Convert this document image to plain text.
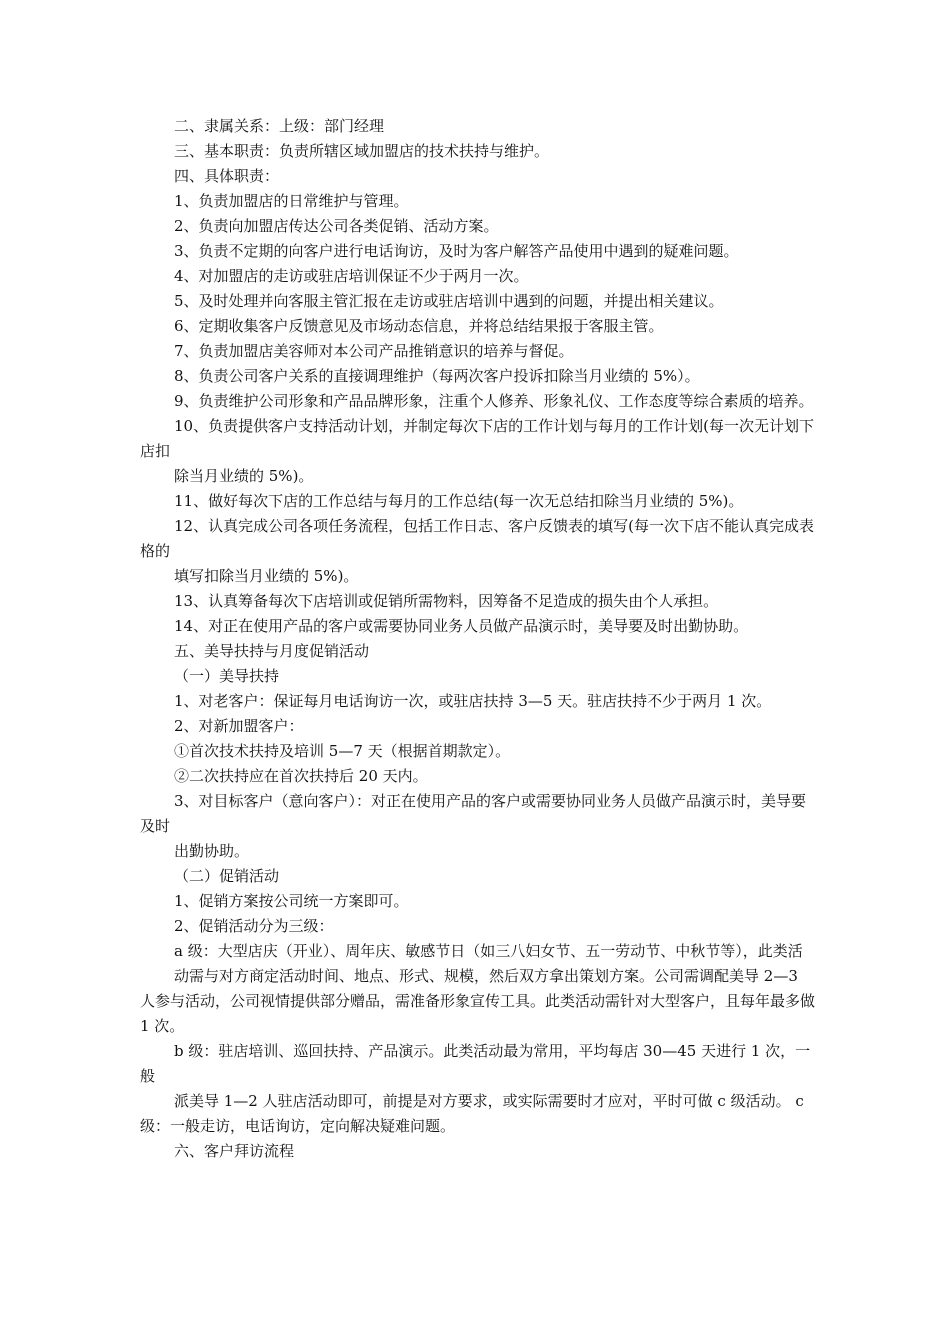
二、隶属关系：上级：部门经理

三、基本职责：负责所辖区域加盟店的技术扶持与维护。

四、具体职责：

1、负责加盟店的日常维护与管理。

2、负责向加盟店传达公司各类促销、活动方案。

3、负责不定期的向客户进行电话询访，及时为客户解答产品使用中遇到的疑难问题。

4、对加盟店的走访或驻店培训保证不少于两月一次。

5、及时处理并向客服主管汇报在走访或驻店培训中遇到的问题，并提出相关建议。

6、定期收集客户反馈意见及市场动态信息，并将总结结果报于客服主管。

7、负责加盟店美容师对本公司产品推销意识的培养与督促。

8、负责公司客户关系的直接调理维护（每两次客户投诉扣除当月业绩的 5%）。

9、负责维护公司形象和产品品牌形象，注重个人修养、形象礼仪、工作态度等综合素质的培养。

10、负责提供客户支持活动计划，并制定每次下店的工作计划与每月的工作计划(每一次无计划下店扣

除当月业绩的 5%)。

11、做好每次下店的工作总结与每月的工作总结(每一次无总结扣除当月业绩的 5%)。

12、认真完成公司各项任务流程，包括工作日志、客户反馈表的填写(每一次下店不能认真完成表格的

填写扣除当月业绩的 5%)。

13、认真筹备每次下店培训或促销所需物料，因筹备不足造成的损失由个人承担。

14、对正在使用产品的客户或需要协同业务人员做产品演示时，美导要及时出勤协助。

五、美导扶持与月度促销活动

（一）美导扶持

1、对老客户：保证每月电话询访一次，或驻店扶持 3—5 天。驻店扶持不少于两月 1 次。

2、对新加盟客户：

①首次技术扶持及培训 5—7 天（根据首期款定）。

②二次扶持应在首次扶持后 20 天内。

3、对目标客户（意向客户）：对正在使用产品的客户或需要协同业务人员做产品演示时，美导要及时

出勤协助。

（二）促销活动

1、促销方案按公司统一方案即可。

2、促销活动分为三级：

a 级：大型店庆（开业）、周年庆、敏感节日（如三八妇女节、五一劳动节、中秋节等），此类活

动需与对方商定活动时间、地点、形式、规模，然后双方拿出策划方案。公司需调配美导 2—3 人参与活动，公司视情提供部分赠品，需准备形象宣传工具。此类活动需针对大型客户，且每年最多做 1 次。

b 级：驻店培训、巡回扶持、产品演示。此类活动最为常用，平均每店 30—45 天进行 1 次，一般

派美导 1—2 人驻店活动即可，前提是对方要求，或实际需要时才应对，平时可做 c 级活动。 c 级：一般走访，电话询访，定向解决疑难问题。

六、客户拜访流程
